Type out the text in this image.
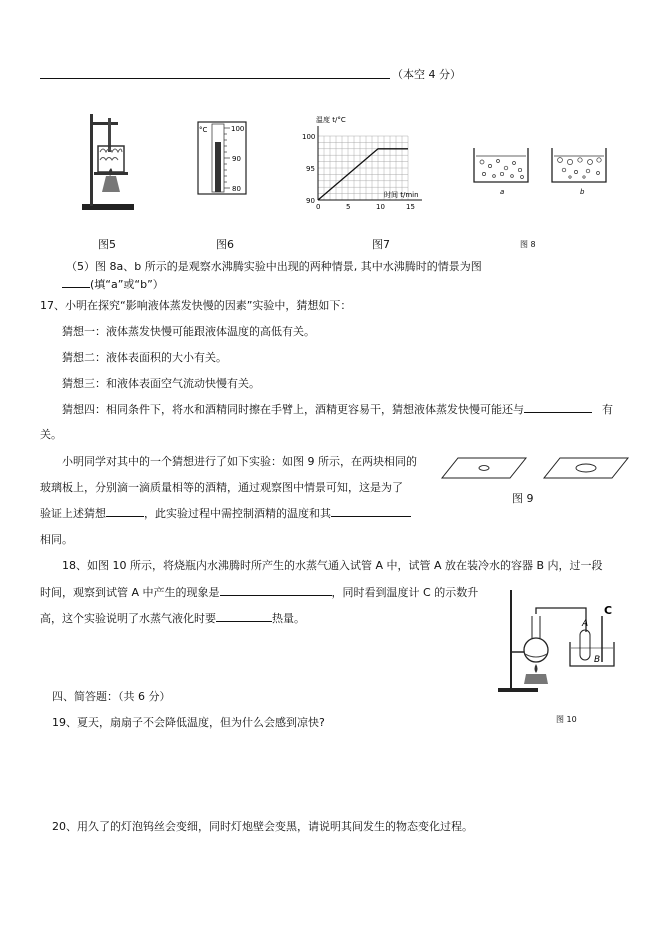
（本空 4 分）
图5
°C	100
90
80
图6
温度 t/°C
时间 t/min
100
95
90
0	5	10	15
图7
a	b
图 8
（5）图 8a、b 所示的是观察水沸腾实验中出现的两种情景, 其中水沸腾时的情景为图
(填“a”或“b”）
17、小明在探究“影响液体蒸发快慢的因素”实验中，猜想如下：
猜想一：液体蒸发快慢可能跟液体温度的高低有关。
猜想二：液体表面积的大小有关。
猜想三：和液体表面空气流动快慢有关。
猜想四：相同条件下，将水和酒精同时擦在手臂上，酒精更容易干，猜想液体蒸发快慢可能还与	有
关。
小明同学对其中的一个猜想进行了如下实验：如图 9 所示，在两块相同的
玻璃板上，分别滴一滴质量相等的酒精，通过观察图中情景可知，这是为了
验证上述猜想	，此实验过程中需控制酒精的温度和其
相同。
图 9
18、如图 10 所示，将烧瓶内水沸腾时所产生的水蒸气通入试管 A 中，试管 A 放在装冷水的容器 B 内，过一段
时间，观察到试管 A 中产生的现象是	，同时看到温度计 C 的示数升
高，这个实验说明了水蒸气液化时要	热量。	A
C
B
四、简答题：（共 6 分）
19、夏天，扇扇子不会降低温度，但为什么会感到凉快?	图 10
20、用久了的灯泡钨丝会变细，同时灯炮壁会变黑，请说明其间发生的物态变化过程。
